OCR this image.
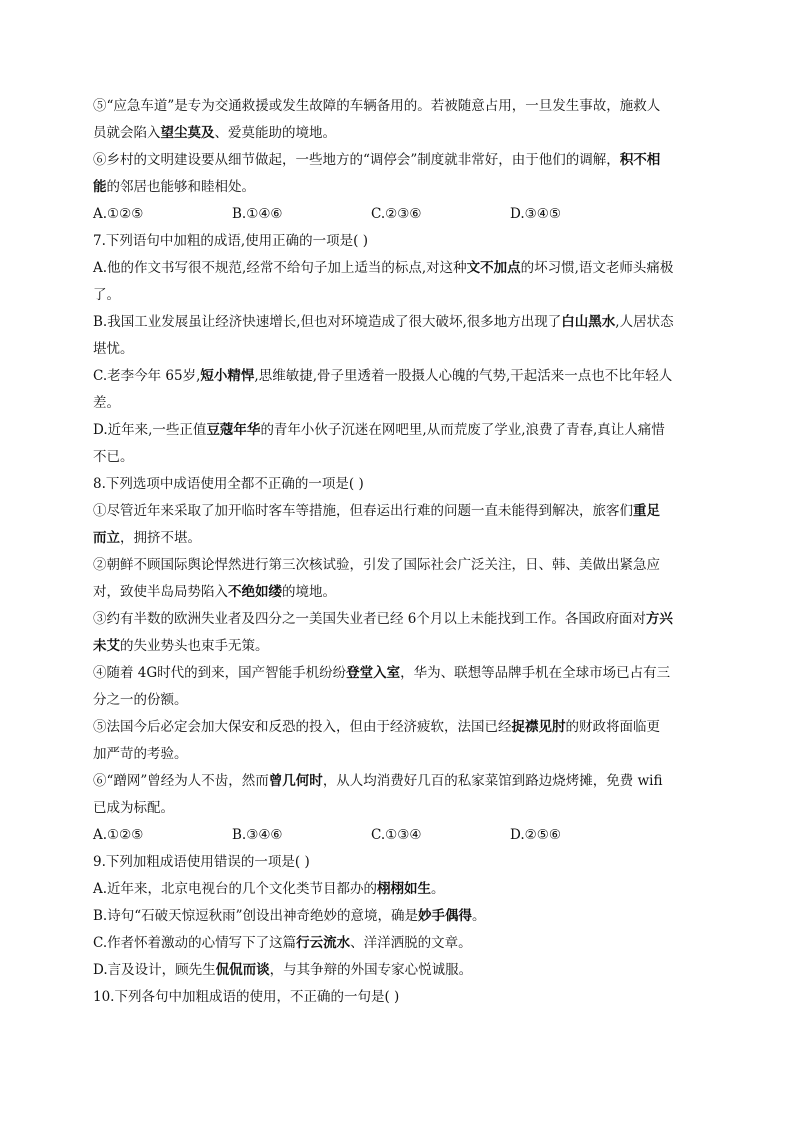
⑤“应急车道”是专为交通救援或发生故障的车辆备用的。若被随意占用，一旦发生事故，施救人
员就会陷入望尘莫及、爱莫能助的境地。
⑥乡村的文明建设要从细节做起，一些地方的“调停会”制度就非常好，由于他们的调解，积不相
能的邻居也能够和睦相处。
A.①②⑤	B.①④⑥	C.②③⑥	D.③④⑤
7.下列语句中加粗的成语,使用正确的一项是( )
A.他的作文书写很不规范,经常不给句子加上适当的标点,对这种文不加点的坏习惯,语文老师头痛极
了。
B.我国工业发展虽让经济快速增长,但也对环境造成了很大破坏,很多地方出现了白山黑水,人居状态
堪忧。
C.老李今年 65岁,短小精悍,思维敏捷,骨子里透着一股摄人心魄的气势,干起活来一点也不比年轻人
差。
D.近年来,一些正值豆蔻年华的青年小伙子沉迷在网吧里,从而荒废了学业,浪费了青春,真让人痛惜
不已。
8.下列选项中成语使用全都不正确的一项是( )
①尽管近年来采取了加开临时客车等措施，但春运出行难的问题一直未能得到解决，旅客们重足
而立，拥挤不堪。
②朝鲜不顾国际舆论悍然进行第三次核试验，引发了国际社会广泛关注，日、韩、美做出紧急应
对，致使半岛局势陷入不绝如缕的境地。
③约有半数的欧洲失业者及四分之一美国失业者已经 6个月以上未能找到工作。各国政府面对方兴
未艾的失业势头也束手无策。
④随着 4G时代的到来，国产智能手机纷纷登堂入室，华为、联想等品牌手机在全球市场已占有三
分之一的份额。
⑤法国今后必定会加大保安和反恐的投入，但由于经济疲软，法国已经捉襟见肘的财政将面临更
加严苛的考验。
⑥“蹭网”曾经为人不齿，然而曾几何时，从人均消费好几百的私家菜馆到路边烧烤摊，免费 wifi
已成为标配。
A.①②⑤	B.③④⑥	C.①③④	D.②⑤⑥
9.下列加粗成语使用错误的一项是( )
A.近年来，北京电视台的几个文化类节目都办的栩栩如生。
B.诗句“石破天惊逗秋雨”创设出神奇绝妙的意境，确是妙手偶得。
C.作者怀着激动的心情写下了这篇行云流水、洋洋洒脱的文章。
D.言及设计，顾先生侃侃而谈，与其争辩的外国专家心悦诚服。
10.下列各句中加粗成语的使用，不正确的一句是( )
